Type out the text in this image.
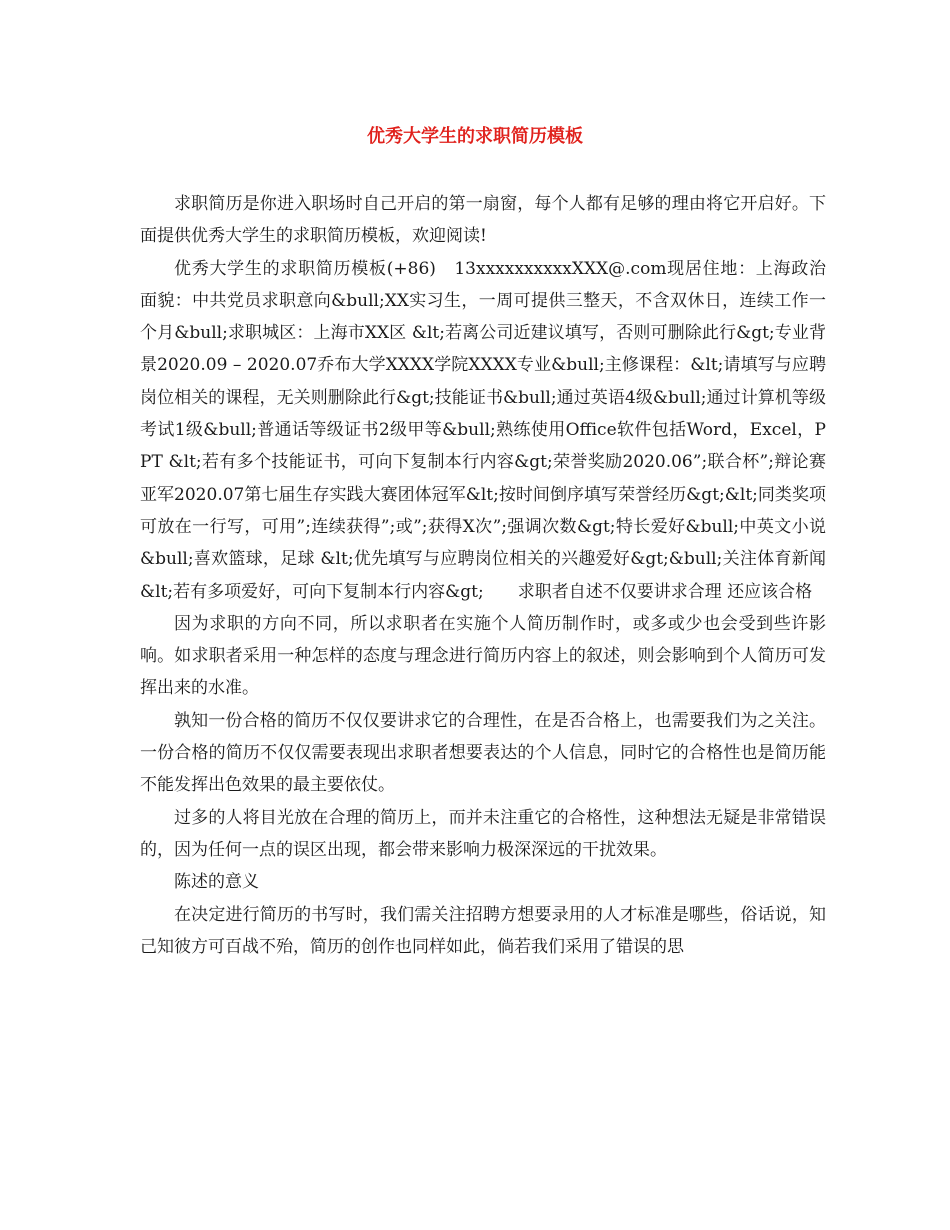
优秀大学生的求职简历模板

求职简历是你进入职场时自己开启的第一扇窗，每个人都有足够的理由将它开启好。下面提供优秀大学生的求职简历模板，欢迎阅读!

优秀大学生的求职简历模板(+86)　13xxxxxxxxxxXXX@.com现居住地：上海政治面貌：中共党员求职意向&bull;XX实习生，一周可提供三整天，不含双休日，连续工作一个月&bull;求职城区：上海市XX区 &lt;若离公司近建议填写，否则可删除此行&gt;专业背景2020.09 – 2020.07乔布大学XXXX学院XXXX专业&bull;主修课程：&lt;请填写与应聘岗位相关的课程，无关则删除此行&gt;技能证书&bull;通过英语4级&bull;通过计算机等级考试1级&bull;普通话等级证书2级甲等&bull;熟练使用Office软件包括Word，Excel，PPT &lt;若有多个技能证书，可向下复制本行内容&gt;荣誉奖励2020.06”;联合杯”;辩论赛亚军2020.07第七届生存实践大赛团体冠军&lt;按时间倒序填写荣誉经历&gt;&lt;同类奖项可放在一行写，可用”;连续获得”;或”;获得X次”;强调次数&gt;特长爱好&bull;中英文小说&bull;喜欢篮球，足球 &lt;优先填写与应聘岗位相关的兴趣爱好&gt;&bull;关注体育新闻 &lt;若有多项爱好，可向下复制本行内容&gt;　　求职者自述不仅要讲求合理 还应该合格

因为求职的方向不同，所以求职者在实施个人简历制作时，或多或少也会受到些许影响。如求职者采用一种怎样的态度与理念进行简历内容上的叙述，则会影响到个人简历可发挥出来的水准。

孰知一份合格的简历不仅仅要讲求它的合理性，在是否合格上，也需要我们为之关注。一份合格的简历不仅仅需要表现出求职者想要表达的个人信息，同时它的合格性也是简历能不能发挥出色效果的最主要依仗。

过多的人将目光放在合理的简历上，而并未注重它的合格性，这种想法无疑是非常错误的，因为任何一点的误区出现，都会带来影响力极深深远的干扰效果。

陈述的意义

在决定进行简历的书写时，我们需关注招聘方想要录用的人才标准是哪些，俗话说，知己知彼方可百战不殆，简历的创作也同样如此，倘若我们采用了错误的思
